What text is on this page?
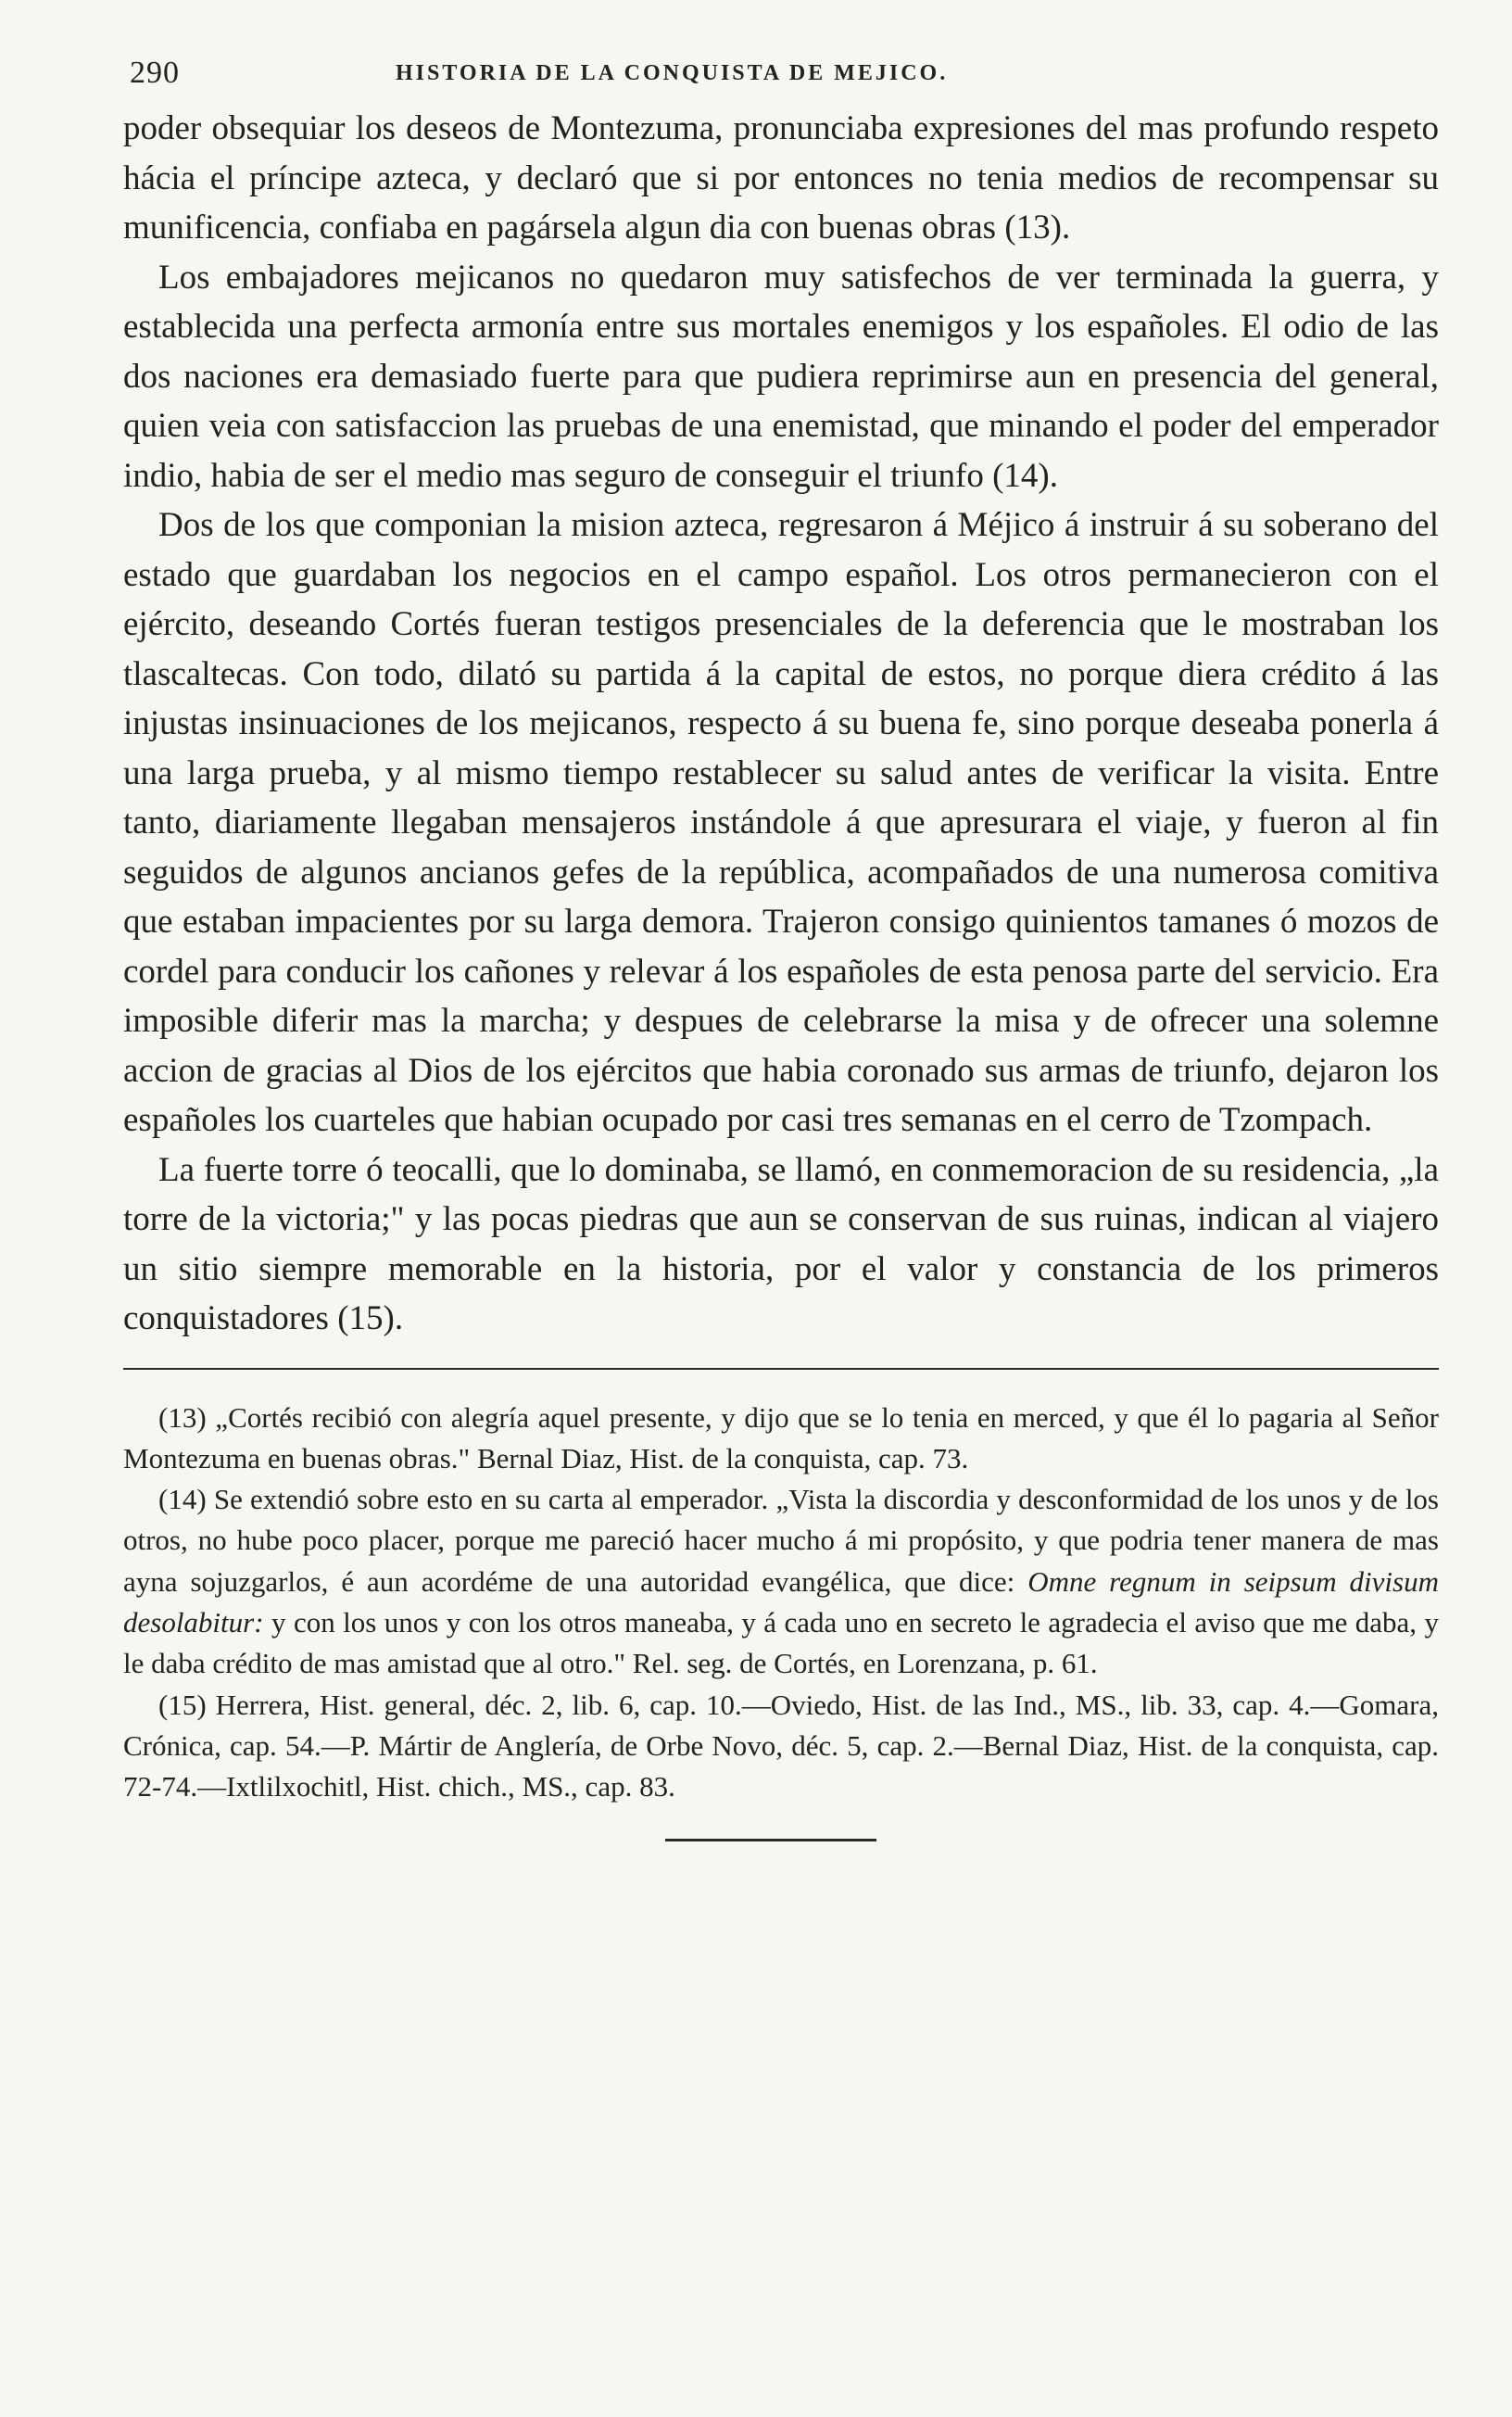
290	HISTORIA DE LA CONQUISTA DE MEJICO.

poder obsequiar los deseos de Montezuma, pronunciaba expresiones del mas profundo respeto hácia el príncipe azteca, y declaró que si por entonces no tenia medios de recompensar su munificencia, confiaba en pagársela algun dia con buenas obras (13).

Los embajadores mejicanos no quedaron muy satisfechos de ver terminada la guerra, y establecida una perfecta armonía entre sus mortales enemigos y los españoles. El odio de las dos naciones era demasiado fuerte para que pudiera reprimirse aun en presencia del general, quien veia con satisfaccion las pruebas de una enemistad, que minando el poder del emperador indio, habia de ser el medio mas seguro de conseguir el triunfo (14).

Dos de los que componian la mision azteca, regresaron á Méjico á instruir á su soberano del estado que guardaban los negocios en el campo español. Los otros permanecieron con el ejército, deseando Cortés fueran testigos presenciales de la deferencia que le mostraban los tlascaltecas. Con todo, dilató su partida á la capital de estos, no porque diera crédito á las injustas insinuaciones de los mejicanos, respecto á su buena fe, sino porque deseaba ponerla á una larga prueba, y al mismo tiempo restablecer su salud antes de verificar la visita. Entre tanto, diariamente llegaban mensajeros instándole á que apresurara el viaje, y fueron al fin seguidos de algunos ancianos gefes de la república, acompañados de una numerosa comitiva que estaban impacientes por su larga demora. Trajeron consigo quinientos tamanes ó mozos de cordel para conducir los cañones y relevar á los españoles de esta penosa parte del servicio. Era imposible diferir mas la marcha; y despues de celebrarse la misa y de ofrecer una solemne accion de gracias al Dios de los ejércitos que habia coronado sus armas de triunfo, dejaron los españoles los cuarteles que habian ocupado por casi tres semanas en el cerro de Tzompach.

La fuerte torre ó teocalli, que lo dominaba, se llamó, en conmemoracion de su residencia, „la torre de la victoria;" y las pocas piedras que aun se conservan de sus ruinas, indican al viajero un sitio siempre memorable en la historia, por el valor y constancia de los primeros conquistadores (15).

(13) „Cortés recibió con alegría aquel presente, y dijo que se lo tenia en merced, y que él lo pagaria al Señor Montezuma en buenas obras." Bernal Diaz, Hist. de la conquista, cap. 73.

(14) Se extendió sobre esto en su carta al emperador. „Vista la discordia y desconformidad de los unos y de los otros, no hube poco placer, porque me pareció hacer mucho á mi propósito, y que podria tener manera de mas ayna sojuzgarlos, é aun acordéme de una autoridad evangélica, que dice: Omne regnum in seipsum divisum desolabitur: y con los unos y con los otros maneaba, y á cada uno en secreto le agradecia el aviso que me daba, y le daba crédito de mas amistad que al otro." Rel. seg. de Cortés, en Lorenzana, p. 61.

(15) Herrera, Hist. general, déc. 2, lib. 6, cap. 10.—Oviedo, Hist. de las Ind., MS., lib. 33, cap. 4.—Gomara, Crónica, cap. 54.—P. Mártir de Anglería, de Orbe Novo, déc. 5, cap. 2.—Bernal Diaz, Hist. de la conquista, cap. 72-74.—Ixtlilxochitl, Hist. chich., MS., cap. 83.
